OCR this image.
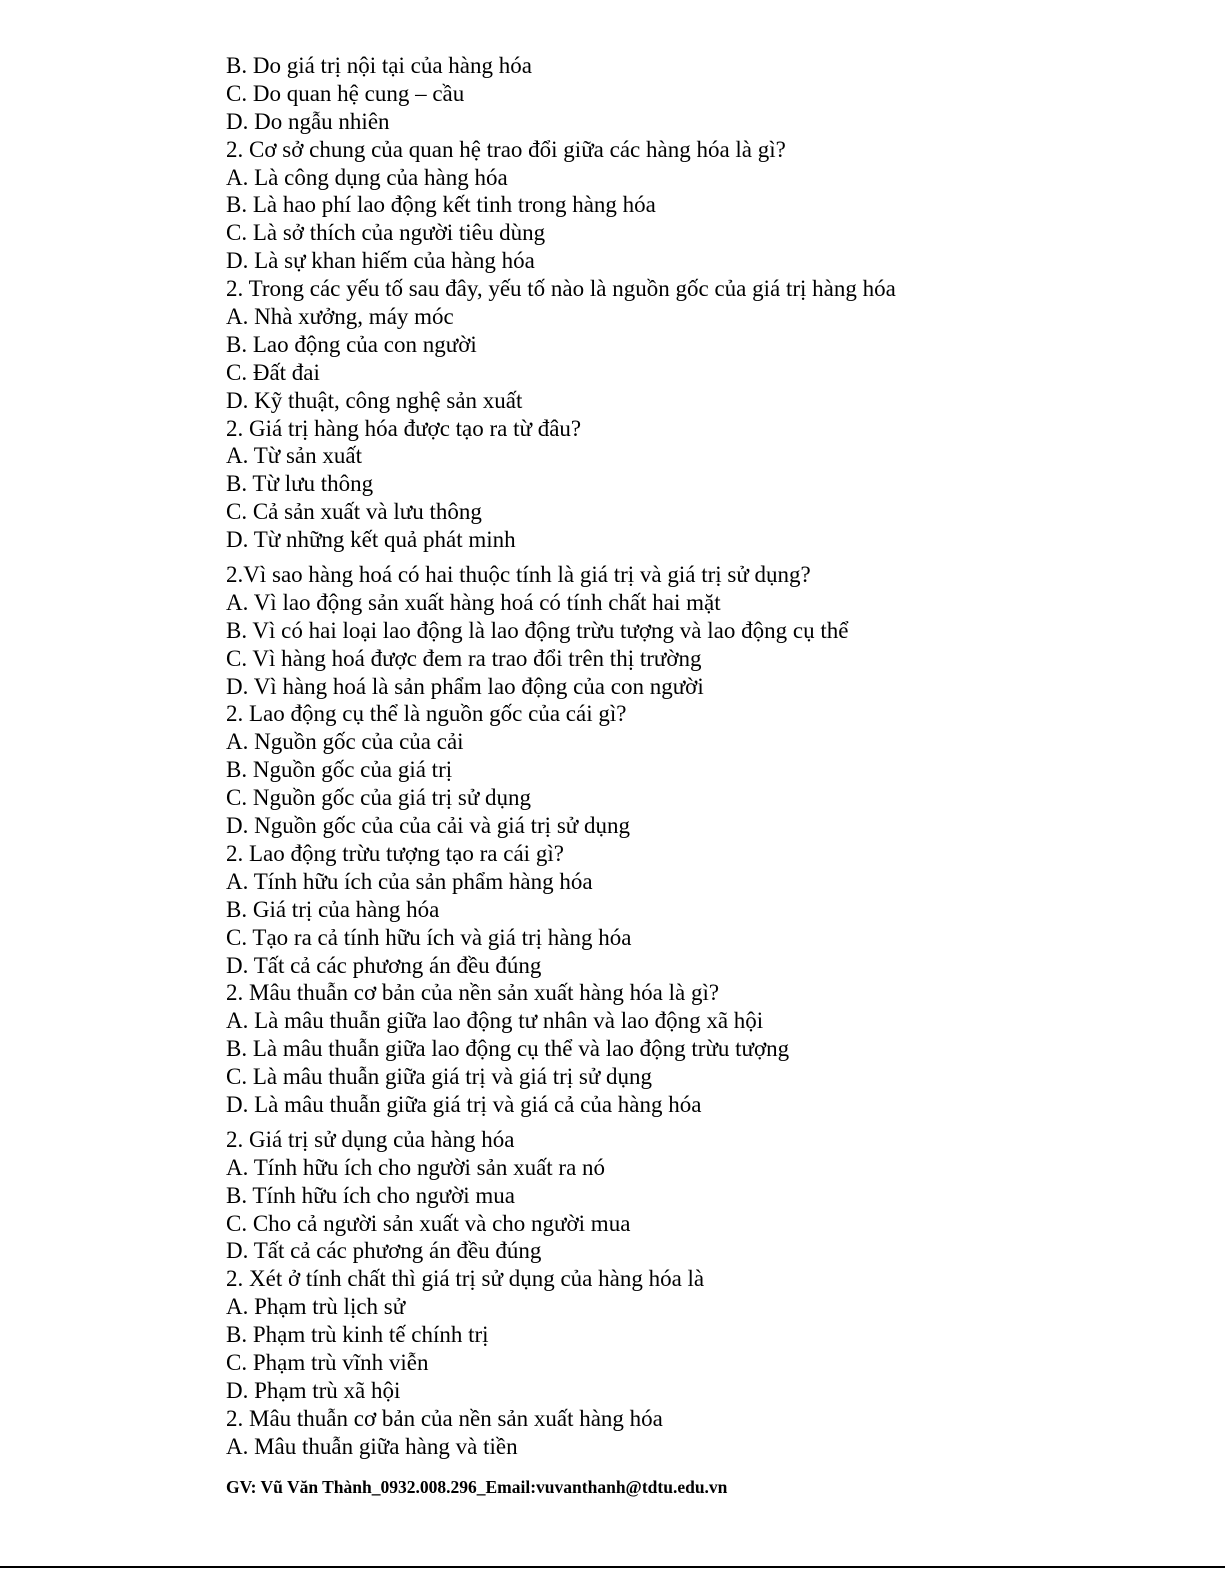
B. Do giá trị nội tại của hàng hóa
C. Do quan hệ cung – cầu
D. Do ngẫu nhiên
2. Cơ sở chung của quan hệ trao đổi giữa các hàng hóa là gì?
A. Là công dụng của hàng hóa
B. Là hao phí lao động kết tinh trong hàng hóa
C. Là sở thích của người tiêu dùng
D. Là sự khan hiếm của hàng hóa
2. Trong các yếu tố sau đây, yếu tố nào là nguồn gốc của giá trị hàng hóa
A. Nhà xưởng, máy móc
B. Lao động của con người
C. Đất đai
D. Kỹ thuật, công nghệ sản xuất
2. Giá trị hàng hóa được tạo ra từ đâu?
A. Từ sản xuất
B. Từ lưu thông
C. Cả sản xuất và lưu thông
D. Từ những kết quả phát minh
2.Vì sao hàng hoá có hai thuộc tính là giá trị và giá trị sử dụng?
A. Vì lao động sản xuất hàng hoá có tính chất hai mặt
B. Vì có hai loại lao động là lao động trừu tượng và lao động cụ thể
C. Vì hàng hoá được đem ra trao đổi trên thị trường
D. Vì hàng hoá là sản phẩm lao động của con người
2. Lao động cụ thể là nguồn gốc của cái gì?
A. Nguồn gốc của của cải
B. Nguồn gốc của giá trị
C. Nguồn gốc của giá trị sử dụng
D. Nguồn gốc của của cải và giá trị sử dụng
2. Lao động trừu tượng tạo ra cái gì?
A. Tính hữu ích của sản phẩm hàng hóa
B. Giá trị của hàng hóa
C. Tạo ra cả tính hữu ích và giá trị hàng hóa
D. Tất cả các phương án đều đúng
2. Mâu thuẫn cơ bản của nền sản xuất hàng hóa là gì?
A. Là mâu thuẫn giữa lao động tư nhân và lao động xã hội
B. Là mâu thuẫn giữa lao động cụ thể và lao động trừu tượng
C. Là mâu thuẫn giữa giá trị và giá trị sử dụng
D. Là mâu thuẫn giữa giá trị và giá cả của hàng hóa
2. Giá trị sử dụng của hàng hóa
A. Tính hữu ích cho người sản xuất ra nó
B. Tính hữu ích cho người mua
C. Cho cả người sản xuất và cho người mua
D. Tất cả các phương án đều đúng
2. Xét ở tính chất thì giá trị sử dụng của hàng hóa là
A. Phạm trù lịch sử
B. Phạm trù kinh tế chính trị
C. Phạm trù vĩnh viễn
D. Phạm trù xã hội
2. Mâu thuẫn cơ bản của nền sản xuất hàng hóa
A. Mâu thuẫn giữa hàng và tiền
GV: Vũ Văn Thành_0932.008.296_Email:vuvanthanh@tdtu.edu.vn
